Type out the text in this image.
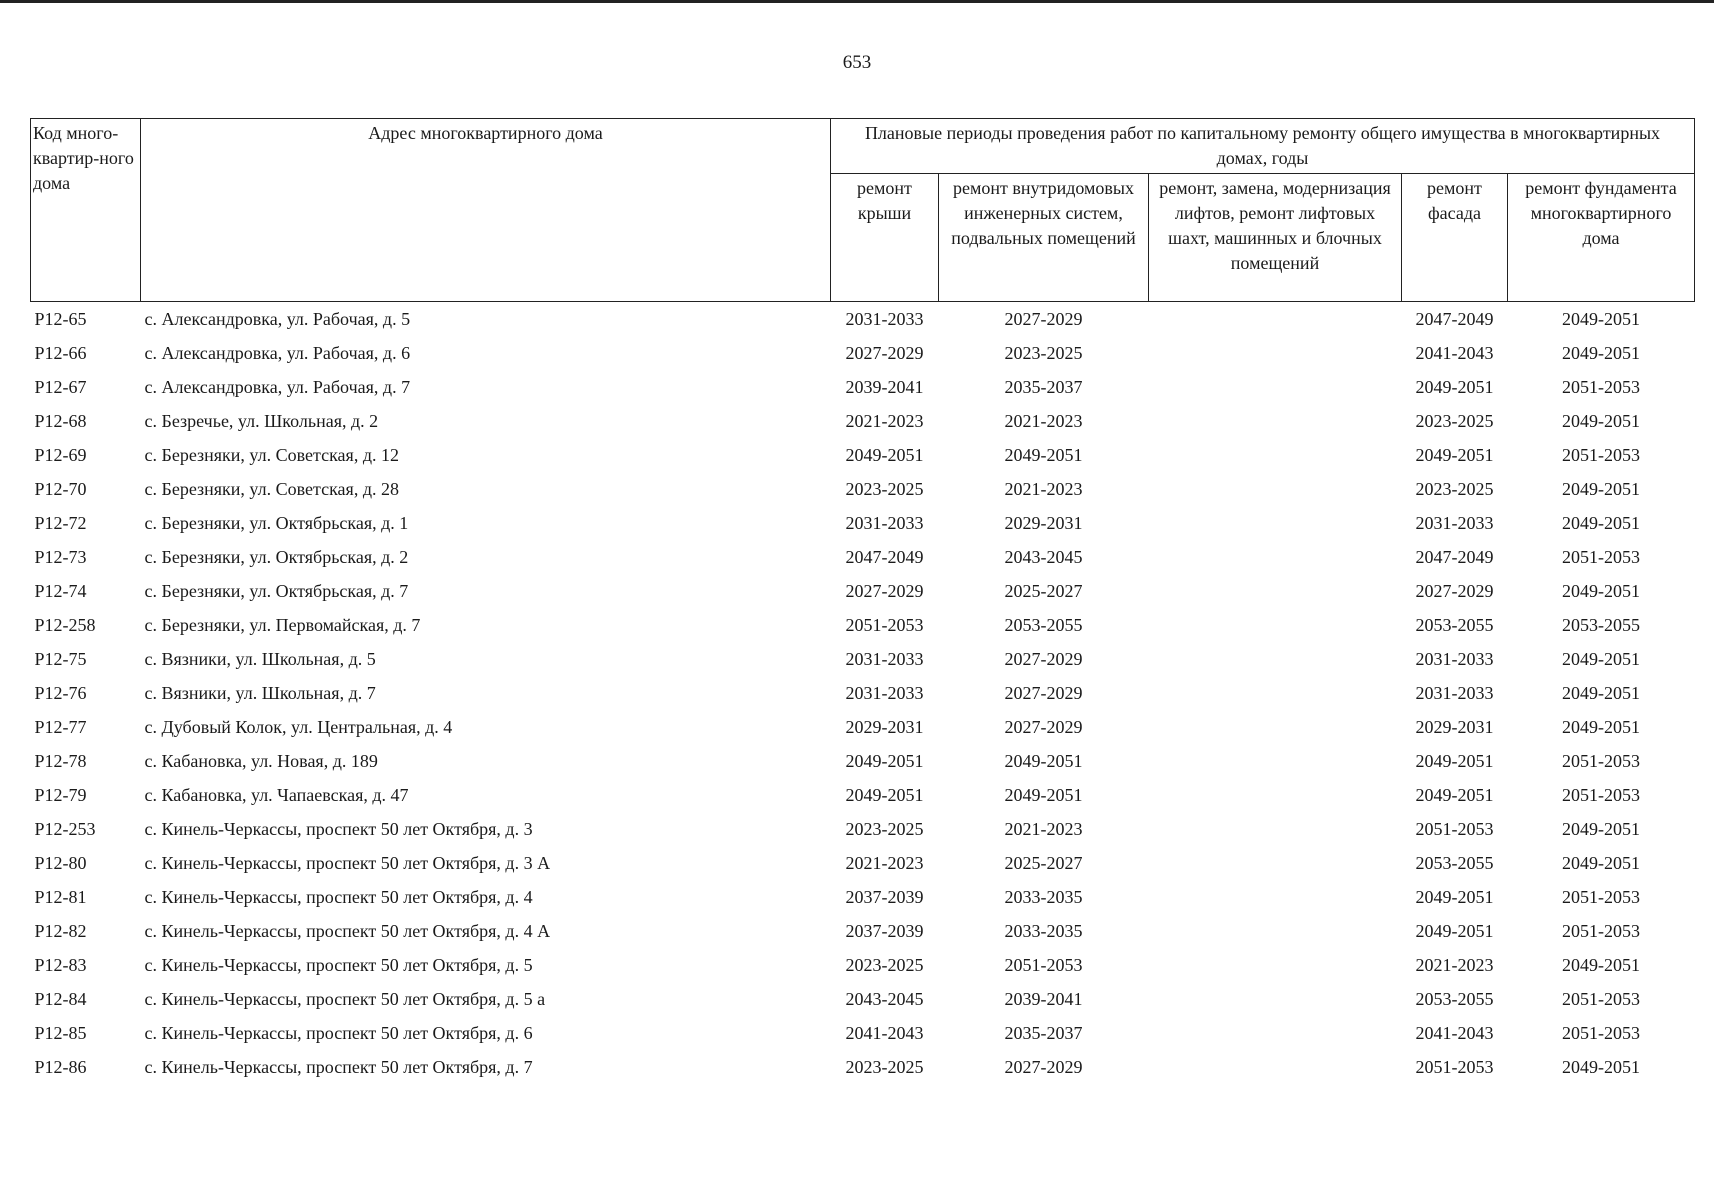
653
Код много-квартир-ного дома	Адрес многоквартирного дома	Плановые периоды проведения работ по капитальному ремонту общего имущества в многоквартирных домах, годы				
		ремонт крыши	ремонт внутридомовых инженерных систем, подвальных помещений	ремонт, замена, модернизация лифтов, ремонт лифтовых шахт, машинных и блочных помещений	ремонт фасада	ремонт фундамента многоквартирного дома
Р12-65	с. Александровка, ул. Рабочая, д. 5	2031-2033	2027-2029		2047-2049	2049-2051
Р12-66	с. Александровка, ул. Рабочая, д. 6	2027-2029	2023-2025		2041-2043	2049-2051
Р12-67	с. Александровка, ул. Рабочая, д. 7	2039-2041	2035-2037		2049-2051	2051-2053
Р12-68	с. Безречье, ул. Школьная, д. 2	2021-2023	2021-2023		2023-2025	2049-2051
Р12-69	с. Березняки, ул. Советская, д. 12	2049-2051	2049-2051		2049-2051	2051-2053
Р12-70	с. Березняки, ул. Советская, д. 28	2023-2025	2021-2023		2023-2025	2049-2051
Р12-72	с. Березняки, ул. Октябрьская, д. 1	2031-2033	2029-2031		2031-2033	2049-2051
Р12-73	с. Березняки, ул. Октябрьская, д. 2	2047-2049	2043-2045		2047-2049	2051-2053
Р12-74	с. Березняки, ул. Октябрьская, д. 7	2027-2029	2025-2027		2027-2029	2049-2051
Р12-258	с. Березняки, ул. Первомайская, д. 7	2051-2053	2053-2055		2053-2055	2053-2055
Р12-75	с. Вязники, ул. Школьная, д. 5	2031-2033	2027-2029		2031-2033	2049-2051
Р12-76	с. Вязники, ул. Школьная, д. 7	2031-2033	2027-2029		2031-2033	2049-2051
Р12-77	с. Дубовый Колок, ул. Центральная, д. 4	2029-2031	2027-2029		2029-2031	2049-2051
Р12-78	с. Кабановка, ул. Новая, д. 189	2049-2051	2049-2051		2049-2051	2051-2053
Р12-79	с. Кабановка, ул. Чапаевская, д. 47	2049-2051	2049-2051		2049-2051	2051-2053
Р12-253	с. Кинель-Черкассы, проспект 50 лет Октября, д. 3	2023-2025	2021-2023		2051-2053	2049-2051
Р12-80	с. Кинель-Черкассы, проспект 50 лет Октября, д. 3 А	2021-2023	2025-2027		2053-2055	2049-2051
Р12-81	с. Кинель-Черкассы, проспект 50 лет Октября, д. 4	2037-2039	2033-2035		2049-2051	2051-2053
Р12-82	с. Кинель-Черкассы, проспект 50 лет Октября, д. 4 А	2037-2039	2033-2035		2049-2051	2051-2053
Р12-83	с. Кинель-Черкассы, проспект 50 лет Октября, д. 5	2023-2025	2051-2053		2021-2023	2049-2051
Р12-84	с. Кинель-Черкассы, проспект 50 лет Октября, д. 5 а	2043-2045	2039-2041		2053-2055	2051-2053
Р12-85	с. Кинель-Черкассы, проспект 50 лет Октября, д. 6	2041-2043	2035-2037		2041-2043	2051-2053
Р12-86	с. Кинель-Черкассы, проспект 50 лет Октября, д. 7	2023-2025	2027-2029		2051-2053	2049-2051
